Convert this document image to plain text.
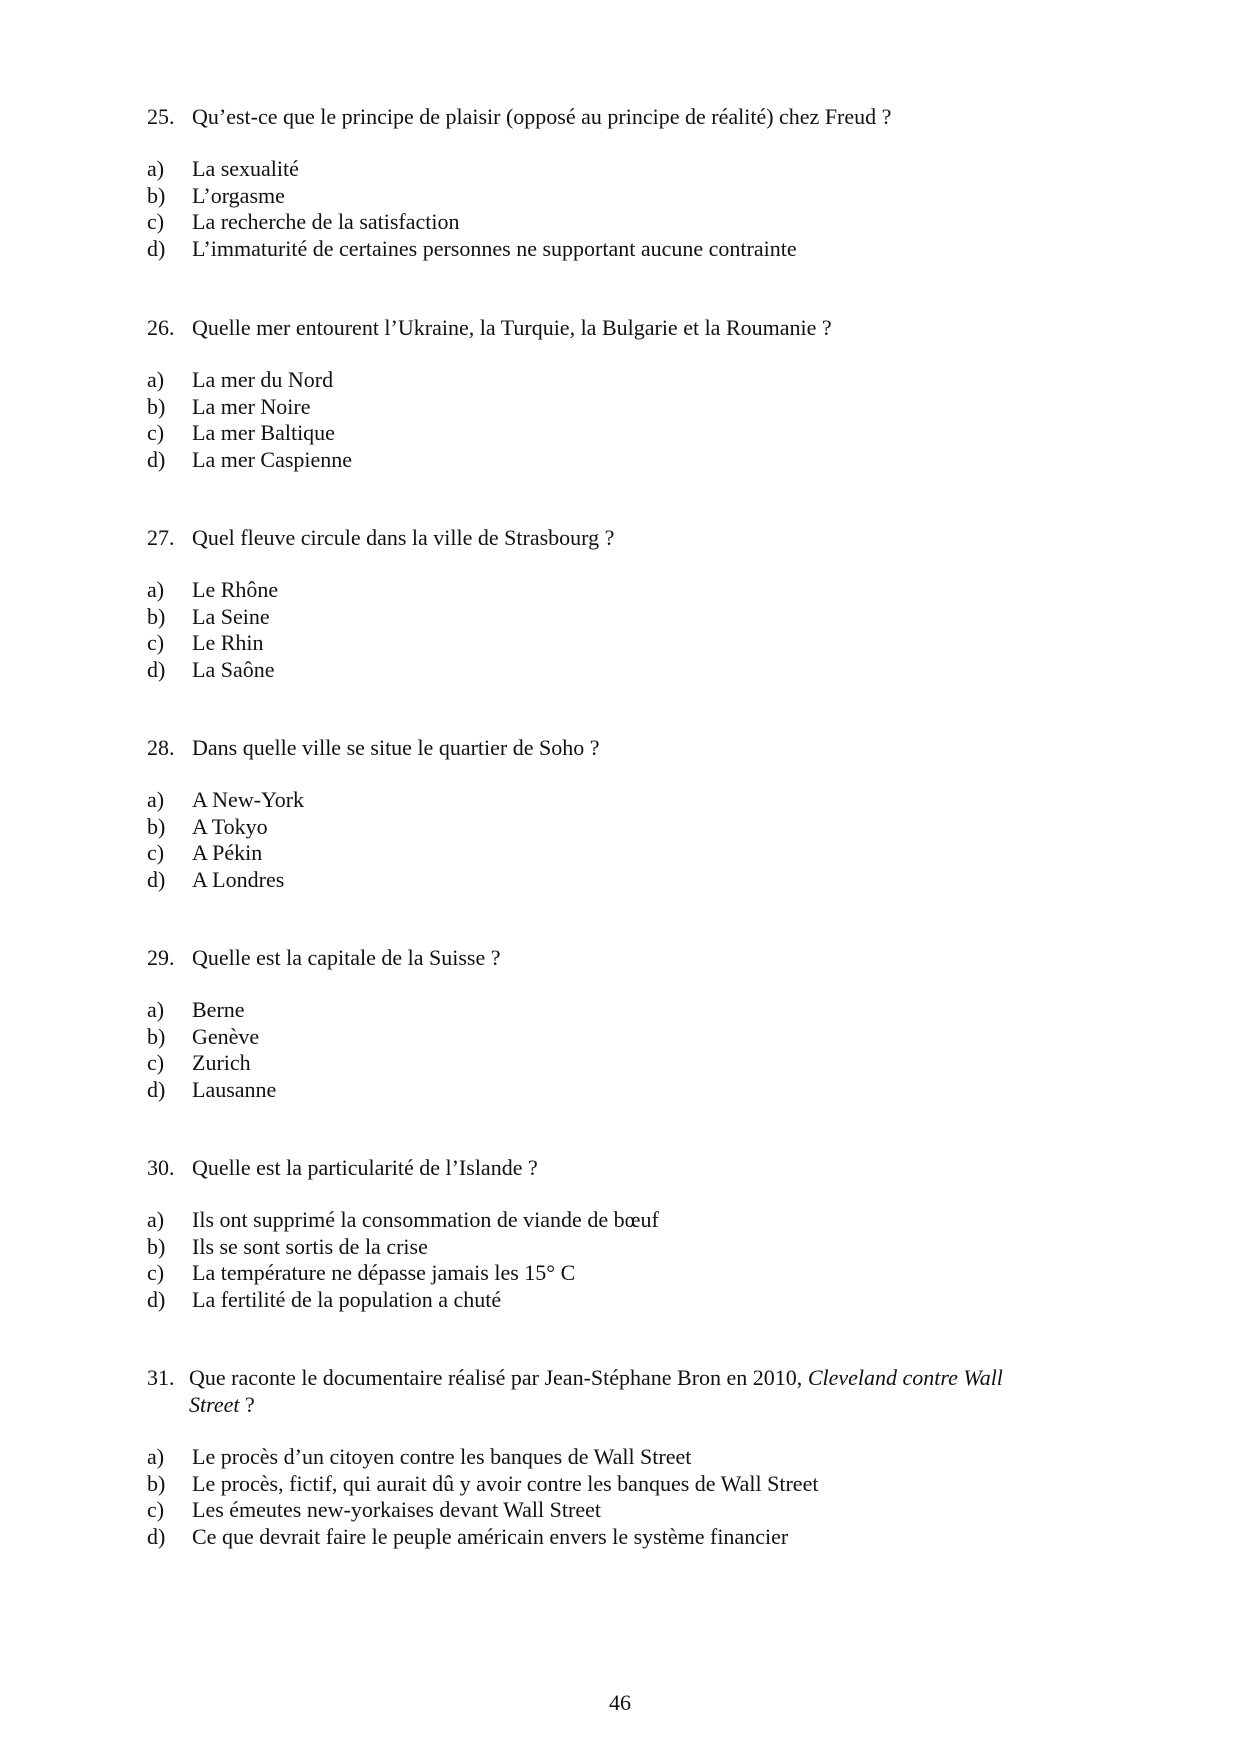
25. Qu’est-ce que le principe de plaisir (opposé au principe de réalité) chez Freud ?
a)	La sexualité
b)	L’orgasme
c)	La recherche de la satisfaction
d)	L’immaturité de certaines personnes ne supportant aucune contrainte
26. Quelle mer entourent l’Ukraine, la Turquie, la Bulgarie et la Roumanie ?
a)	La mer du Nord
b)	La mer Noire
c)	La mer Baltique
d)	La mer Caspienne
27. Quel fleuve circule dans la ville de Strasbourg ?
a)	Le Rhône
b)	La Seine
c)	Le Rhin
d)	La Saône
28. Dans quelle ville se situe le quartier de Soho ?
a)	A New-York
b)	A Tokyo
c)	A Pékin
d)	A Londres
29. Quelle est la capitale de la Suisse ?
a)	Berne
b)	Genève
c)	Zurich
d)	Lausanne
30. Quelle est la particularité de l’Islande ?
a)	Ils ont supprimé la consommation de viande de bœuf
b)	Ils se sont sortis de la crise
c)	La température ne dépasse jamais les 15° C
d)	La fertilité de la population a chuté
31. Que raconte le documentaire réalisé par Jean-Stéphane Bron en 2010, Cleveland contre Wall Street ?
a)	Le procès d’un citoyen contre les banques de Wall Street
b)	Le procès, fictif, qui aurait dû y avoir contre les banques de Wall Street
c)	Les émeutes new-yorkaises devant Wall Street
d)	Ce que devrait faire le peuple américain envers le système financier
46
